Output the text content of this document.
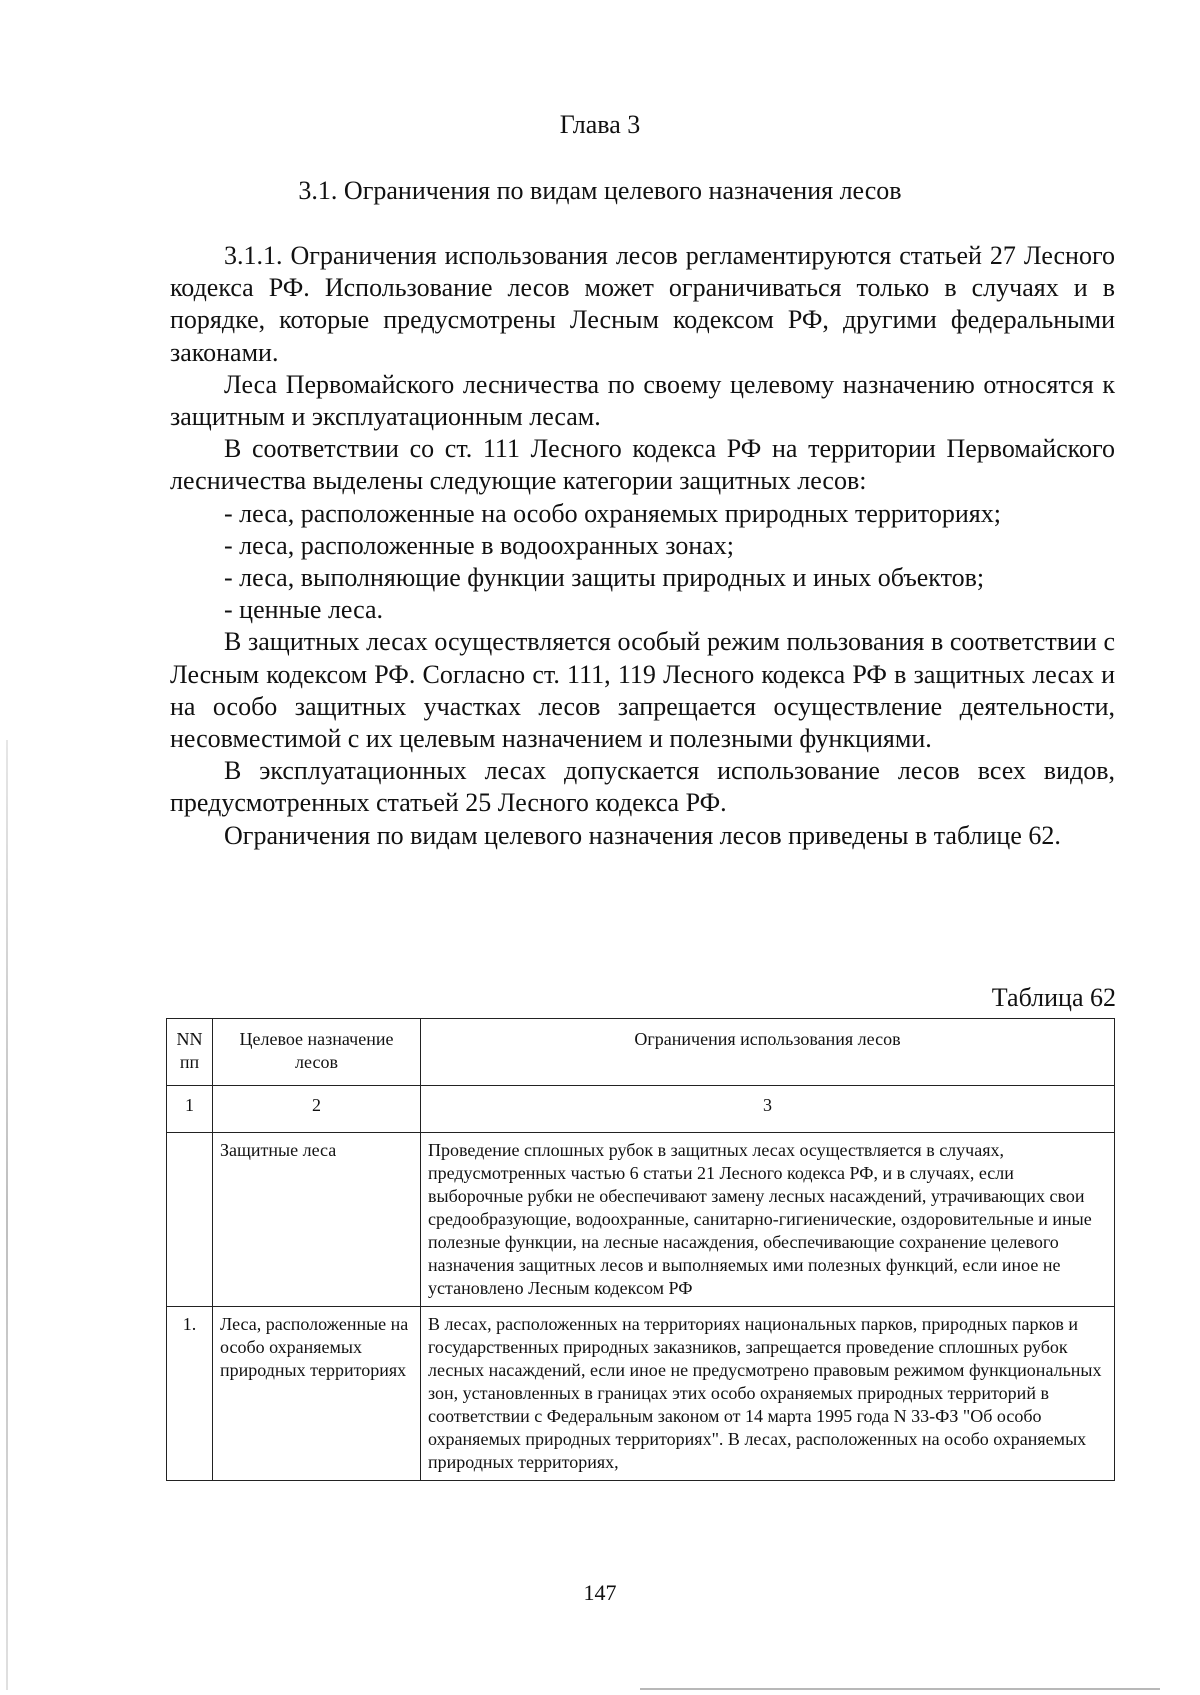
Глава 3
3.1. Ограничения по видам целевого назначения лесов

3.1.1. Ограничения использования лесов регламентируются статьей 27 Лесного кодекса РФ. Использование лесов может ограничиваться только в случаях и в порядке, которые предусмотрены Лесным кодексом РФ, другими федеральными законами.

Леса Первомайского лесничества по своему целевому назначению относятся к защитным и эксплуатационным лесам.

В соответствии со ст. 111 Лесного кодекса РФ на территории Первомайского лесничества выделены следующие категории защитных лесов:

- леса, расположенные на особо охраняемых природных территориях;

- леса, расположенные в водоохранных зонах;

- леса, выполняющие функции защиты природных и иных объектов;

- ценные леса.

В защитных лесах осуществляется особый режим пользования в соответствии с Лесным кодексом РФ. Согласно ст. 111, 119 Лесного кодекса РФ в защитных лесах и на особо защитных участках лесов запрещается осуществление деятельности, несовместимой с их целевым назначением и полезными функциями.

В эксплуатационных лесах допускается использование лесов всех видов, предусмотренных статьей 25 Лесного кодекса РФ.

Ограничения по видам целевого назначения лесов приведены в таблице 62.

Таблица 62

NN пп	Целевое назначение лесов	Ограничения использования лесов
1	2	3
	Защитные леса	Проведение сплошных рубок в защитных лесах осуществляется в случаях, предусмотренных частью 6 статьи 21 Лесного кодекса РФ, и в случаях, если выборочные рубки не обеспечивают замену лесных насаждений, утрачивающих свои средообразующие, водоохранные, санитарно-гигиенические, оздоровительные и иные полезные функции, на лесные насаждения, обеспечивающие сохранение целевого назначения защитных лесов и выполняемых ими полезных функций, если иное не установлено Лесным кодексом РФ
1.	Леса, расположенные на особо охраняемых природных территориях	В лесах, расположенных на территориях национальных парков, природных парков и государственных природных заказников, запрещается проведение сплошных рубок лесных насаждений, если иное не предусмотрено правовым режимом функциональных зон, установленных в границах этих особо охраняемых природных территорий в соответствии с Федеральным законом от 14 марта 1995 года N 33-ФЗ "Об особо охраняемых природных территориях". В лесах, расположенных на особо охраняемых природных территориях,

147
